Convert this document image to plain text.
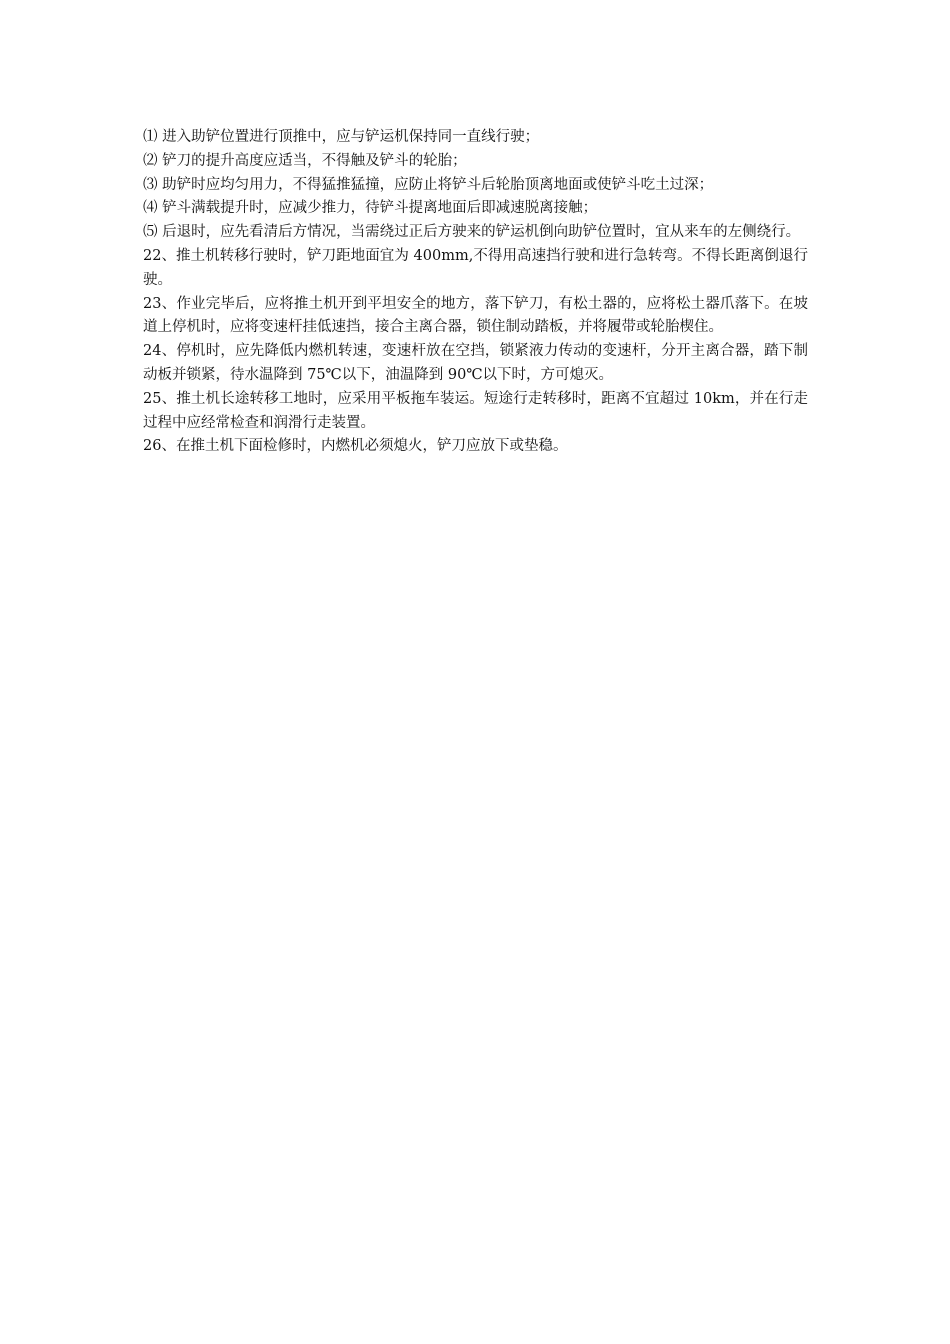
⑴ 进入助铲位置进行顶推中，应与铲运机保持同一直线行驶；

⑵ 铲刀的提升高度应适当，不得触及铲斗的轮胎；

⑶ 助铲时应均匀用力，不得猛推猛撞，应防止将铲斗后轮胎顶离地面或使铲斗吃土过深；

⑷ 铲斗满载提升时，应减少推力，待铲斗提离地面后即减速脱离接触；

⑸ 后退时，应先看清后方情况，当需绕过正后方驶来的铲运机倒向助铲位置时，宜从来车的左侧绕行。

22、推土机转移行驶时，铲刀距地面宜为 400mm,不得用高速挡行驶和进行急转弯。不得长距离倒退行驶。

23、作业完毕后，应将推土机开到平坦安全的地方，落下铲刀，有松土器的，应将松土器爪落下。在坡道上停机时，应将变速杆挂低速挡，接合主离合器，锁住制动踏板，并将履带或轮胎楔住。

24、停机时，应先降低内燃机转速，变速杆放在空挡，锁紧液力传动的变速杆，分开主离合器，踏下制动板并锁紧，待水温降到 75℃以下，油温降到 90℃以下时，方可熄灭。

25、推土机长途转移工地时，应采用平板拖车装运。短途行走转移时，距离不宜超过 10km，并在行走过程中应经常检查和润滑行走装置。

26、在推土机下面检修时，内燃机必须熄火，铲刀应放下或垫稳。
